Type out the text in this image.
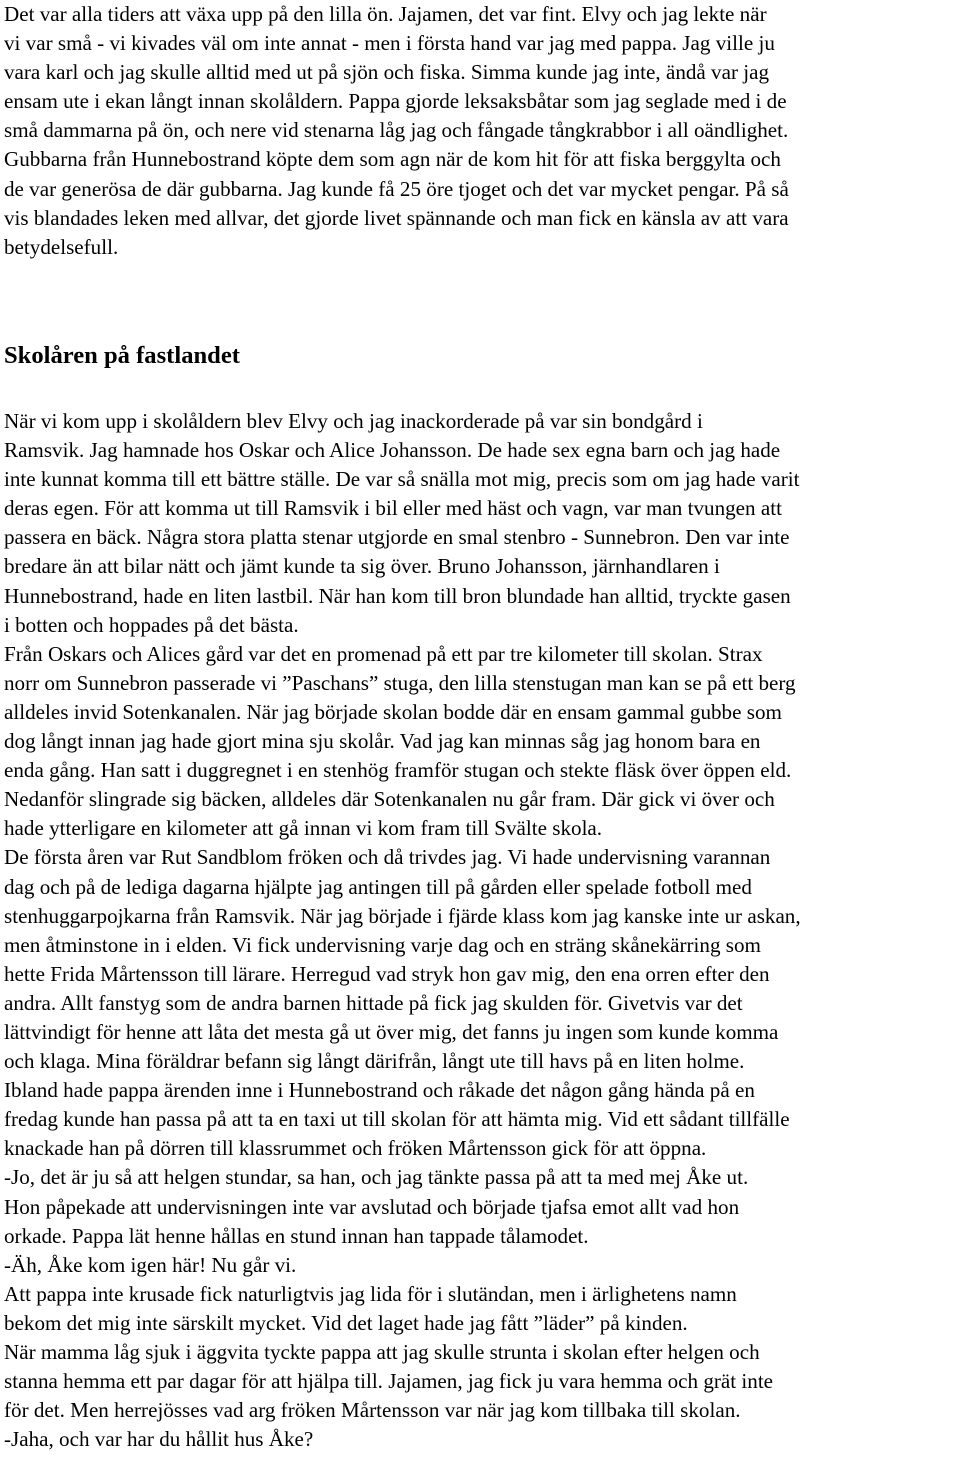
Det var alla tiders att växa upp på den lilla ön. Jajamen, det var fint. Elvy och jag lekte när
vi var små - vi kivades väl om inte annat - men i första hand var jag med pappa. Jag ville ju
vara karl och jag skulle alltid med ut på sjön och fiska. Simma kunde jag inte, ändå var jag
ensam ute i ekan långt innan skolåldern. Pappa gjorde leksaksbåtar som jag seglade med i de
små dammarna på ön, och nere vid stenarna låg jag och fångade tångkrabbor i all oändlighet.
Gubbarna från Hunnebostrand köpte dem som agn när de kom hit för att fiska berggylta och
de var generösa de där gubbarna. Jag kunde få 25 öre tjoget och det var mycket pengar. På så
vis blandades leken med allvar, det gjorde livet spännande och man fick en känsla av att vara
betydelsefull.

Skolåren på fastlandet

När vi kom upp i skolåldern blev Elvy och jag inackorderade på var sin bondgård i
Ramsvik. Jag hamnade hos Oskar och Alice Johansson. De hade sex egna barn och jag hade
inte kunnat komma till ett bättre ställe. De var så snälla mot mig, precis som om jag hade varit
deras egen. För att komma ut till Ramsvik i bil eller med häst och vagn, var man tvungen att
passera en bäck. Några stora platta stenar utgjorde en smal stenbro - Sunnebron. Den var inte
bredare än att bilar nätt och jämt kunde ta sig över. Bruno Johansson, järnhandlaren i
Hunnebostrand, hade en liten lastbil. När han kom till bron blundade han alltid, tryckte gasen
i botten och hoppades på det bästa.
Från Oskars och Alices gård var det en promenad på ett par tre kilometer till skolan. Strax
norr om Sunnebron passerade vi ”Paschans” stuga, den lilla stenstugan man kan se på ett berg
alldeles invid Sotenkanalen. När jag började skolan bodde där en ensam gammal gubbe som
dog långt innan jag hade gjort mina sju skolår. Vad jag kan minnas såg jag honom bara en
enda gång. Han satt i duggregnet i en stenhög framför stugan och stekte fläsk över öppen eld.
Nedanför slingrade sig bäcken, alldeles där Sotenkanalen nu går fram. Där gick vi över och
hade ytterligare en kilometer att gå innan vi kom fram till Svälte skola.
De första åren var Rut Sandblom fröken och då trivdes jag. Vi hade undervisning varannan
dag och på de lediga dagarna hjälpte jag antingen till på gården eller spelade fotboll med
stenhuggarpojkarna från Ramsvik. När jag började i fjärde klass kom jag kanske inte ur askan,
men åtminstone in i elden. Vi fick undervisning varje dag och en sträng skånekärring som
hette Frida Mårtensson till lärare. Herregud vad stryk hon gav mig, den ena orren efter den
andra. Allt fanstyg som de andra barnen hittade på fick jag skulden för. Givetvis var det
lättvindigt för henne att låta det mesta gå ut över mig, det fanns ju ingen som kunde komma
och klaga. Mina föräldrar befann sig långt därifrån, långt ute till havs på en liten holme.
Ibland hade pappa ärenden inne i Hunnebostrand och råkade det någon gång hända på en
fredag kunde han passa på att ta en taxi ut till skolan för att hämta mig. Vid ett sådant tillfälle
knackade han på dörren till klassrummet och fröken Mårtensson gick för att öppna.
-Jo, det är ju så att helgen stundar, sa han, och jag tänkte passa på att ta med mej Åke ut.
Hon påpekade att undervisningen inte var avslutad och började tjafsa emot allt vad hon
orkade. Pappa lät henne hållas en stund innan han tappade tålamodet.
-Äh, Åke kom igen här! Nu går vi.
Att pappa inte krusade fick naturligtvis jag lida för i slutändan, men i ärlighetens namn
bekom det mig inte särskilt mycket. Vid det laget hade jag fått ”läder” på kinden.
När mamma låg sjuk i äggvita tyckte pappa att jag skulle strunta i skolan efter helgen och
stanna hemma ett par dagar för att hjälpa till. Jajamen, jag fick ju vara hemma och grät inte
för det. Men herrejösses vad arg fröken Mårtensson var när jag kom tillbaka till skolan.
-Jaha, och var har du hållit hus Åke?
